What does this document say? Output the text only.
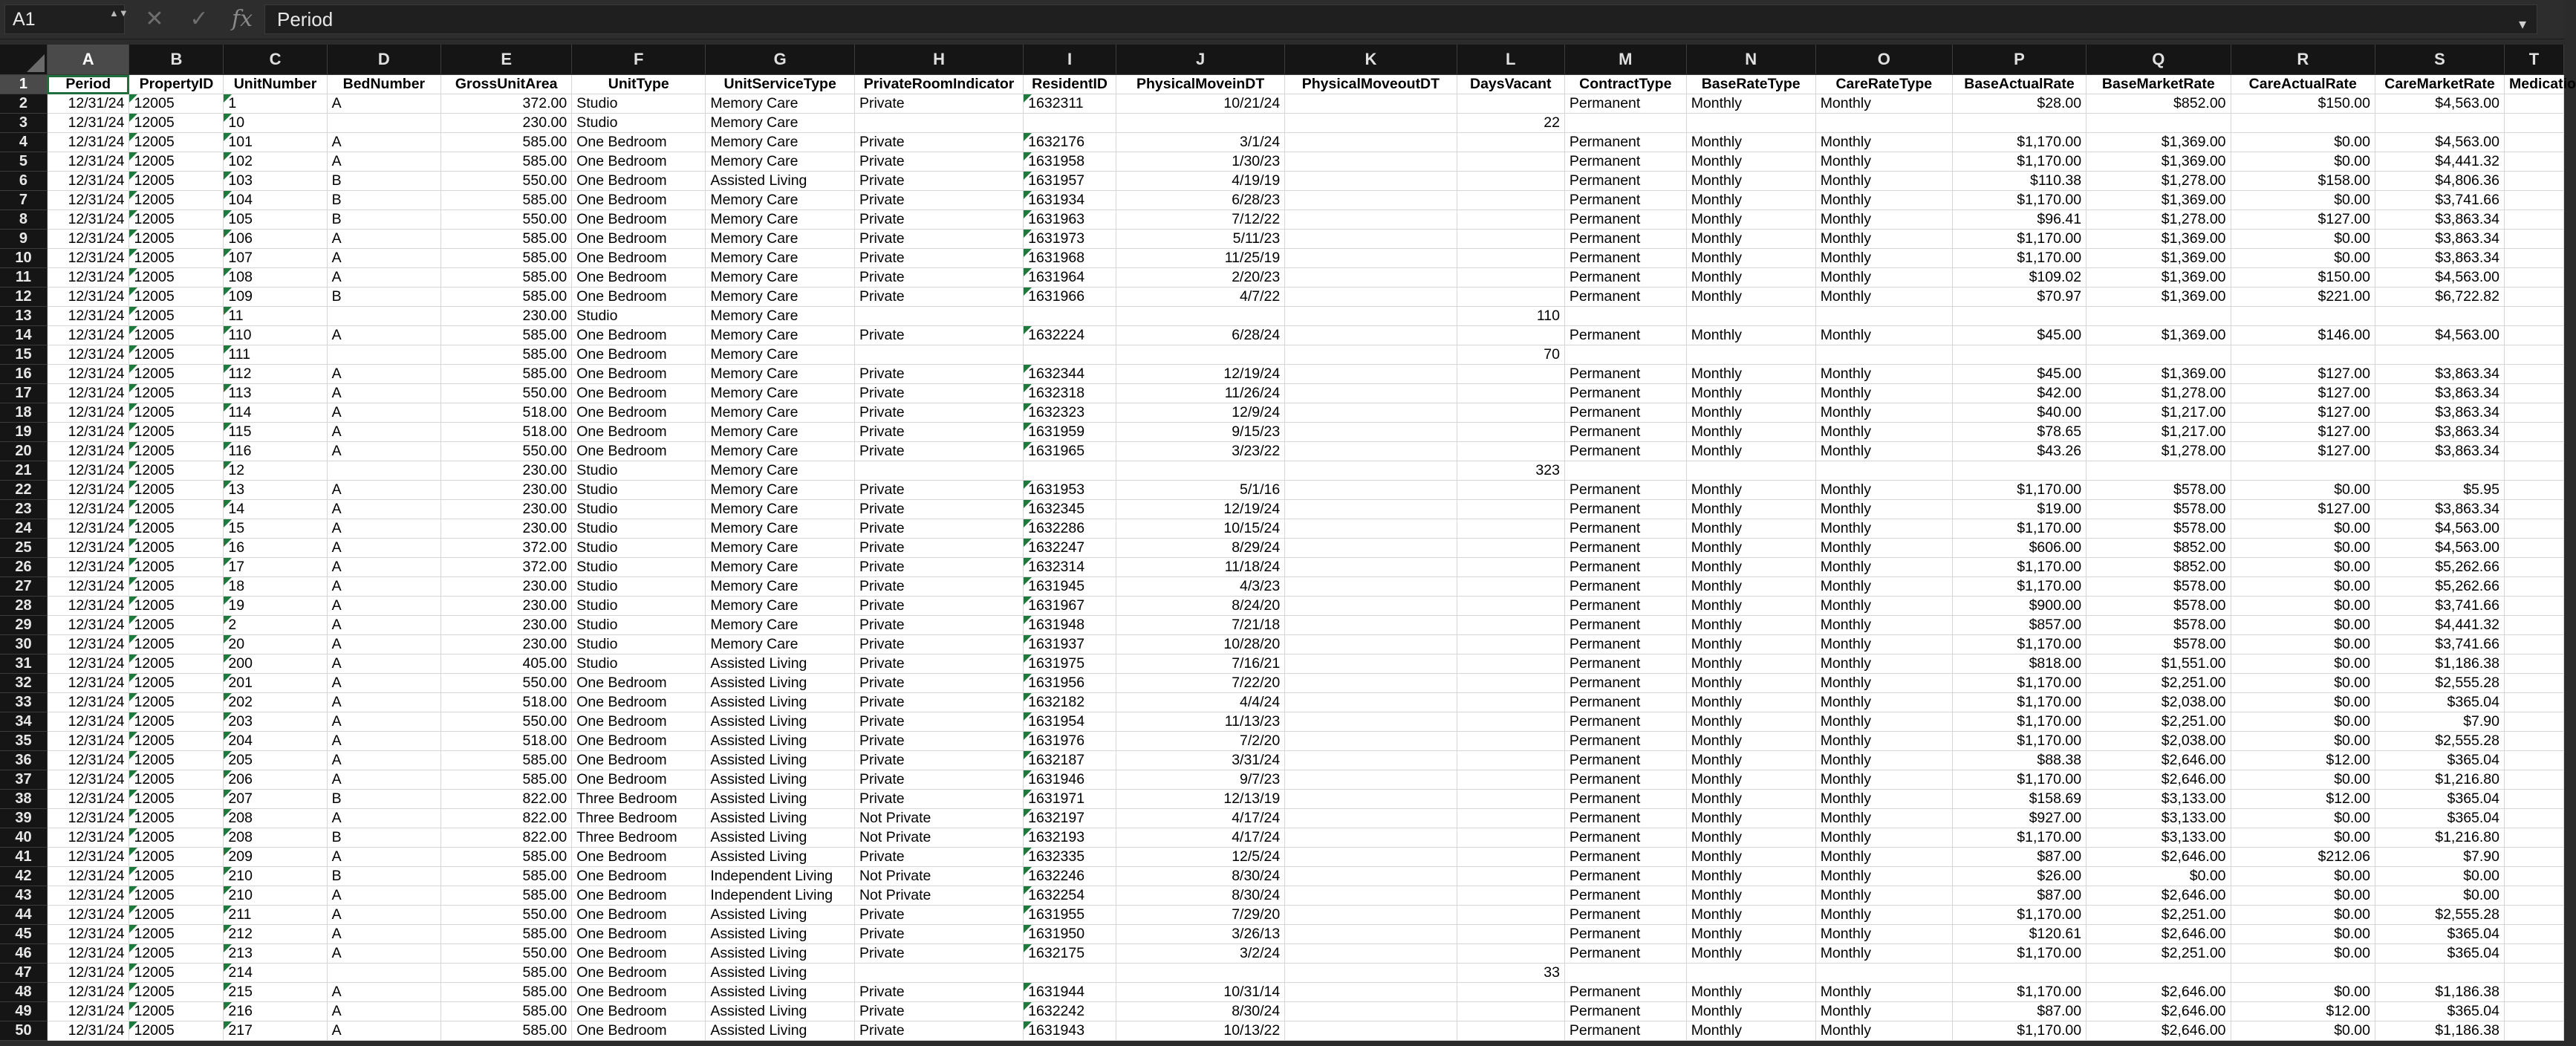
A1	▲▼ ✕ ✓ fx	Period	▾
	A	B	C	D	E	F	G	H	I	J	K	L	M	N	O	P	Q	R	S	T
1	Period	PropertyID	UnitNumber	BedNumber	GrossUnitArea	UnitType	UnitServiceType	PrivateRoomIndicator	ResidentID	PhysicalMoveinDT	PhysicalMoveoutDT	DaysVacant	ContractType	BaseRateType	CareRateType	BaseActualRate	BaseMarketRate	CareActualRate	CareMarketRate	Medicatio
2	12/31/24	12005	1	A	372.00	Studio	Memory Care	Private	1632311	10/21/24			Permanent	Monthly	Monthly	$28.00	$852.00	$150.00	$4,563.00	
3	12/31/24	12005	10		230.00	Studio	Memory Care					22								
4	12/31/24	12005	101	A	585.00	One Bedroom	Memory Care	Private	1632176	3/1/24			Permanent	Monthly	Monthly	$1,170.00	$1,369.00	$0.00	$4,563.00	
5	12/31/24	12005	102	A	585.00	One Bedroom	Memory Care	Private	1631958	1/30/23			Permanent	Monthly	Monthly	$1,170.00	$1,369.00	$0.00	$4,441.32	
6	12/31/24	12005	103	B	550.00	One Bedroom	Assisted Living	Private	1631957	4/19/19			Permanent	Monthly	Monthly	$110.38	$1,278.00	$158.00	$4,806.36	
7	12/31/24	12005	104	B	585.00	One Bedroom	Memory Care	Private	1631934	6/28/23			Permanent	Monthly	Monthly	$1,170.00	$1,369.00	$0.00	$3,741.66	
8	12/31/24	12005	105	B	550.00	One Bedroom	Memory Care	Private	1631963	7/12/22			Permanent	Monthly	Monthly	$96.41	$1,278.00	$127.00	$3,863.34	
9	12/31/24	12005	106	A	585.00	One Bedroom	Memory Care	Private	1631973	5/11/23			Permanent	Monthly	Monthly	$1,170.00	$1,369.00	$0.00	$3,863.34	
10	12/31/24	12005	107	A	585.00	One Bedroom	Memory Care	Private	1631968	11/25/19			Permanent	Monthly	Monthly	$1,170.00	$1,369.00	$0.00	$3,863.34	
11	12/31/24	12005	108	A	585.00	One Bedroom	Memory Care	Private	1631964	2/20/23			Permanent	Monthly	Monthly	$109.02	$1,369.00	$150.00	$4,563.00	
12	12/31/24	12005	109	B	585.00	One Bedroom	Memory Care	Private	1631966	4/7/22			Permanent	Monthly	Monthly	$70.97	$1,369.00	$221.00	$6,722.82	
13	12/31/24	12005	11		230.00	Studio	Memory Care					110								
14	12/31/24	12005	110	A	585.00	One Bedroom	Memory Care	Private	1632224	6/28/24			Permanent	Monthly	Monthly	$45.00	$1,369.00	$146.00	$4,563.00	
15	12/31/24	12005	111		585.00	One Bedroom	Memory Care					70								
16	12/31/24	12005	112	A	585.00	One Bedroom	Memory Care	Private	1632344	12/19/24			Permanent	Monthly	Monthly	$45.00	$1,369.00	$127.00	$3,863.34	
17	12/31/24	12005	113	A	550.00	One Bedroom	Memory Care	Private	1632318	11/26/24			Permanent	Monthly	Monthly	$42.00	$1,278.00	$127.00	$3,863.34	
18	12/31/24	12005	114	A	518.00	One Bedroom	Memory Care	Private	1632323	12/9/24			Permanent	Monthly	Monthly	$40.00	$1,217.00	$127.00	$3,863.34	
19	12/31/24	12005	115	A	518.00	One Bedroom	Memory Care	Private	1631959	9/15/23			Permanent	Monthly	Monthly	$78.65	$1,217.00	$127.00	$3,863.34	
20	12/31/24	12005	116	A	550.00	One Bedroom	Memory Care	Private	1631965	3/23/22			Permanent	Monthly	Monthly	$43.26	$1,278.00	$127.00	$3,863.34	
21	12/31/24	12005	12		230.00	Studio	Memory Care					323								
22	12/31/24	12005	13	A	230.00	Studio	Memory Care	Private	1631953	5/1/16			Permanent	Monthly	Monthly	$1,170.00	$578.00	$0.00	$5.95	
23	12/31/24	12005	14	A	230.00	Studio	Memory Care	Private	1632345	12/19/24			Permanent	Monthly	Monthly	$19.00	$578.00	$127.00	$3,863.34	
24	12/31/24	12005	15	A	230.00	Studio	Memory Care	Private	1632286	10/15/24			Permanent	Monthly	Monthly	$1,170.00	$578.00	$0.00	$4,563.00	
25	12/31/24	12005	16	A	372.00	Studio	Memory Care	Private	1632247	8/29/24			Permanent	Monthly	Monthly	$606.00	$852.00	$0.00	$4,563.00	
26	12/31/24	12005	17	A	372.00	Studio	Memory Care	Private	1632314	11/18/24			Permanent	Monthly	Monthly	$1,170.00	$852.00	$0.00	$5,262.66	
27	12/31/24	12005	18	A	230.00	Studio	Memory Care	Private	1631945	4/3/23			Permanent	Monthly	Monthly	$1,170.00	$578.00	$0.00	$5,262.66	
28	12/31/24	12005	19	A	230.00	Studio	Memory Care	Private	1631967	8/24/20			Permanent	Monthly	Monthly	$900.00	$578.00	$0.00	$3,741.66	
29	12/31/24	12005	2	A	230.00	Studio	Memory Care	Private	1631948	7/21/18			Permanent	Monthly	Monthly	$857.00	$578.00	$0.00	$4,441.32	
30	12/31/24	12005	20	A	230.00	Studio	Memory Care	Private	1631937	10/28/20			Permanent	Monthly	Monthly	$1,170.00	$578.00	$0.00	$3,741.66	
31	12/31/24	12005	200	A	405.00	Studio	Assisted Living	Private	1631975	7/16/21			Permanent	Monthly	Monthly	$818.00	$1,551.00	$0.00	$1,186.38	
32	12/31/24	12005	201	A	550.00	One Bedroom	Assisted Living	Private	1631956	7/22/20			Permanent	Monthly	Monthly	$1,170.00	$2,251.00	$0.00	$2,555.28	
33	12/31/24	12005	202	A	518.00	One Bedroom	Assisted Living	Private	1632182	4/4/24			Permanent	Monthly	Monthly	$1,170.00	$2,038.00	$0.00	$365.04	
34	12/31/24	12005	203	A	550.00	One Bedroom	Assisted Living	Private	1631954	11/13/23			Permanent	Monthly	Monthly	$1,170.00	$2,251.00	$0.00	$7.90	
35	12/31/24	12005	204	A	518.00	One Bedroom	Assisted Living	Private	1631976	7/2/20			Permanent	Monthly	Monthly	$1,170.00	$2,038.00	$0.00	$2,555.28	
36	12/31/24	12005	205	A	585.00	One Bedroom	Assisted Living	Private	1632187	3/31/24			Permanent	Monthly	Monthly	$88.38	$2,646.00	$12.00	$365.04	
37	12/31/24	12005	206	A	585.00	One Bedroom	Assisted Living	Private	1631946	9/7/23			Permanent	Monthly	Monthly	$1,170.00	$2,646.00	$0.00	$1,216.80	
38	12/31/24	12005	207	B	822.00	Three Bedroom	Assisted Living	Private	1631971	12/13/19			Permanent	Monthly	Monthly	$158.69	$3,133.00	$12.00	$365.04	
39	12/31/24	12005	208	A	822.00	Three Bedroom	Assisted Living	Not Private	1632197	4/17/24			Permanent	Monthly	Monthly	$927.00	$3,133.00	$0.00	$365.04	
40	12/31/24	12005	208	B	822.00	Three Bedroom	Assisted Living	Not Private	1632193	4/17/24			Permanent	Monthly	Monthly	$1,170.00	$3,133.00	$0.00	$1,216.80	
41	12/31/24	12005	209	A	585.00	One Bedroom	Assisted Living	Private	1632335	12/5/24			Permanent	Monthly	Monthly	$87.00	$2,646.00	$212.06	$7.90	
42	12/31/24	12005	210	B	585.00	One Bedroom	Independent Living	Not Private	1632246	8/30/24			Permanent	Monthly	Monthly	$26.00	$0.00	$0.00	$0.00	
43	12/31/24	12005	210	A	585.00	One Bedroom	Independent Living	Not Private	1632254	8/30/24			Permanent	Monthly	Monthly	$87.00	$2,646.00	$0.00	$0.00	
44	12/31/24	12005	211	A	550.00	One Bedroom	Assisted Living	Private	1631955	7/29/20			Permanent	Monthly	Monthly	$1,170.00	$2,251.00	$0.00	$2,555.28	
45	12/31/24	12005	212	A	585.00	One Bedroom	Assisted Living	Private	1631950	3/26/13			Permanent	Monthly	Monthly	$120.61	$2,646.00	$0.00	$365.04	
46	12/31/24	12005	213	A	550.00	One Bedroom	Assisted Living	Private	1632175	3/2/24			Permanent	Monthly	Monthly	$1,170.00	$2,251.00	$0.00	$365.04	
47	12/31/24	12005	214		585.00	One Bedroom	Assisted Living					33								
48	12/31/24	12005	215	A	585.00	One Bedroom	Assisted Living	Private	1631944	10/31/14			Permanent	Monthly	Monthly	$1,170.00	$2,646.00	$0.00	$1,186.38	
49	12/31/24	12005	216	A	585.00	One Bedroom	Assisted Living	Private	1632242	8/30/24			Permanent	Monthly	Monthly	$87.00	$2,646.00	$12.00	$365.04	
50	12/31/24	12005	217	A	585.00	One Bedroom	Assisted Living	Private	1631943	10/13/22			Permanent	Monthly	Monthly	$1,170.00	$2,646.00	$0.00	$1,186.38	
